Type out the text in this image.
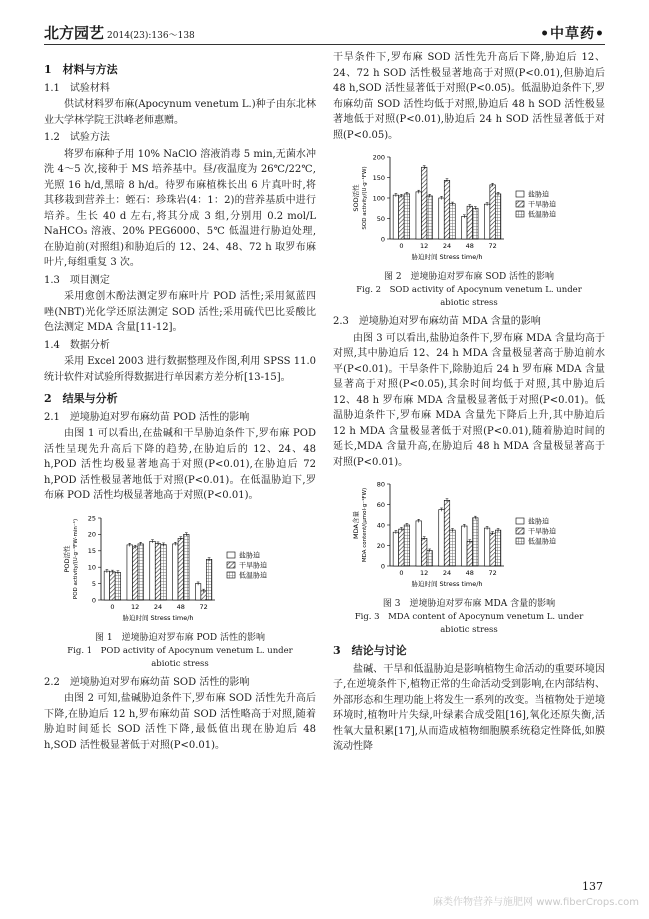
北方园艺 2014(23):136～138	•中草药•
1　材料与方法
1.1　试验材料

供试材料罗布麻(Apocynum venetum L.)种子由东北林业大学林学院王洪峰老师惠赠。

1.2　试验方法

将罗布麻种子用 10% NaClO 溶液消毒 5 min,无菌水冲洗 4～5 次,接种于 MS 培养基中。昼/夜温度为 26℃/22℃,光照 16 h/d,黑暗 8 h/d。待罗布麻植株长出 6 片真叶时,将其移栽到营养土：蛭石：珍珠岩(4：1：2)的营养基质中进行培养。生长 40 d 左右,将其分成 3 组,分别用 0.2 mol/L NaHCO₃ 溶液、20% PEG6000、5℃ 低温进行胁迫处理,在胁迫前(对照组)和胁迫后的 12、24、48、72 h 取罗布麻叶片,每组重复 3 次。

1.3　项目测定

采用愈创木酚法测定罗布麻叶片 POD 活性;采用氮蓝四唑(NBT)光化学还原法测定 SOD 活性;采用硫代巴比妥酸比色法测定 MDA 含量[11-12]。

1.4　数据分析

采用 Excel 2003 进行数据整理及作图,利用 SPSS 11.0 统计软件对试验所得数据进行单因素方差分析[13-15]。

2　结果与分析
2.1　逆境胁迫对罗布麻幼苗 POD 活性的影响

由图 1 可以看出,在盐碱和干旱胁迫条件下,罗布麻 POD 活性呈现先升高后下降的趋势,在胁迫后的 12、24、48 h,POD 活性均极显著地高于对照(P<0.01),在胁迫后 72 h,POD 活性极显著地低于对照(P<0.01)。在低温胁迫下,罗布麻 POD 活性均极显著地高于对照(P<0.01)。

POD活性 POD activity/(U·g⁻¹FW·min⁻¹)
0
5
10
15
20
25
0	12 24 48 72
胁迫时间 Stress time/h
盐胁迫
干旱胁迫
低温胁迫
图 1　逆境胁迫对罗布麻 POD 活性的影响
Fig. 1　POD activity of Apocynum venetum L. under
abiotic stress
2.2　逆境胁迫对罗布麻幼苗 SOD 活性的影响

由图 2 可知,盐碱胁迫条件下,罗布麻 SOD 活性先升高后下降,在胁迫后 12 h,罗布麻幼苗 SOD 活性略高于对照,随着胁迫时间延长 SOD 活性下降,最低值出现在胁迫后 48 h,SOD 活性极显著低于对照(P<0.01)。

干旱条件下,罗布麻 SOD 活性先升高后下降,胁迫后 12、24、72 h SOD 活性极显著地高于对照(P<0.01),但胁迫后 48 h,SOD 活性显著低于对照(P<0.05)。低温胁迫条件下,罗布麻幼苗 SOD 活性均低于对照,胁迫后 48 h SOD 活性极显著地低于对照(P<0.01),胁迫后 24 h SOD 活性显著低于对照(P<0.05)。

SOD活性 SOD activity/(U·g⁻¹FW)
0
50
100
150
200
0	12 24 48 72
胁迫时间 Stress time/h
盐胁迫
干旱胁迫
低温胁迫
图 2　逆境胁迫对罗布麻 SOD 活性的影响
Fig. 2　SOD activity of Apocynum venetum L. under
abiotic stress
2.3　逆境胁迫对罗布麻幼苗 MDA 含量的影响

由图 3 可以看出,盐胁迫条件下,罗布麻 MDA 含量均高于对照,其中胁迫后 12、24 h MDA 含量极显著高于胁迫前水平(P<0.01)。干旱条件下,除胁迫后 24 h 罗布麻 MDA 含量显著高于对照(P<0.05),其余时间均低于对照,其中胁迫后 12、48 h 罗布麻 MDA 含量极显著低于对照(P<0.01)。低温胁迫条件下,罗布麻 MDA 含量先下降后上升,其中胁迫后 12 h MDA 含量极显著低于对照(P<0.01),随着胁迫时间的延长,MDA 含量升高,在胁迫后 48 h MDA 含量极显著高于对照(P<0.01)。

MDA含量 MDA content/(μmol·g⁻¹FW)
0
20
40
60
80
0	12 24 48 72
胁迫时间 Stress time/h
盐胁迫
干旱胁迫
低温胁迫
图 3　逆境胁迫对罗布麻 MDA 含量的影响
Fig. 3　MDA content of Apocynum venetum L. under
abiotic stress
3　结论与讨论

盐碱、干旱和低温胁迫是影响植物生命活动的重要环境因子,在逆境条件下,植物正常的生命活动受到影响,在内部结构、外部形态和生理功能上将发生一系列的改变。当植物处于逆境环境时,植物叶片失绿,叶绿素合成受阻[16],氧化还原失衡,活性氧大量积累[17],从而造成植物细胞膜系统稳定性降低,如膜流动性降

137
麻类作物营养与施肥网 www.fiberCrops.com
